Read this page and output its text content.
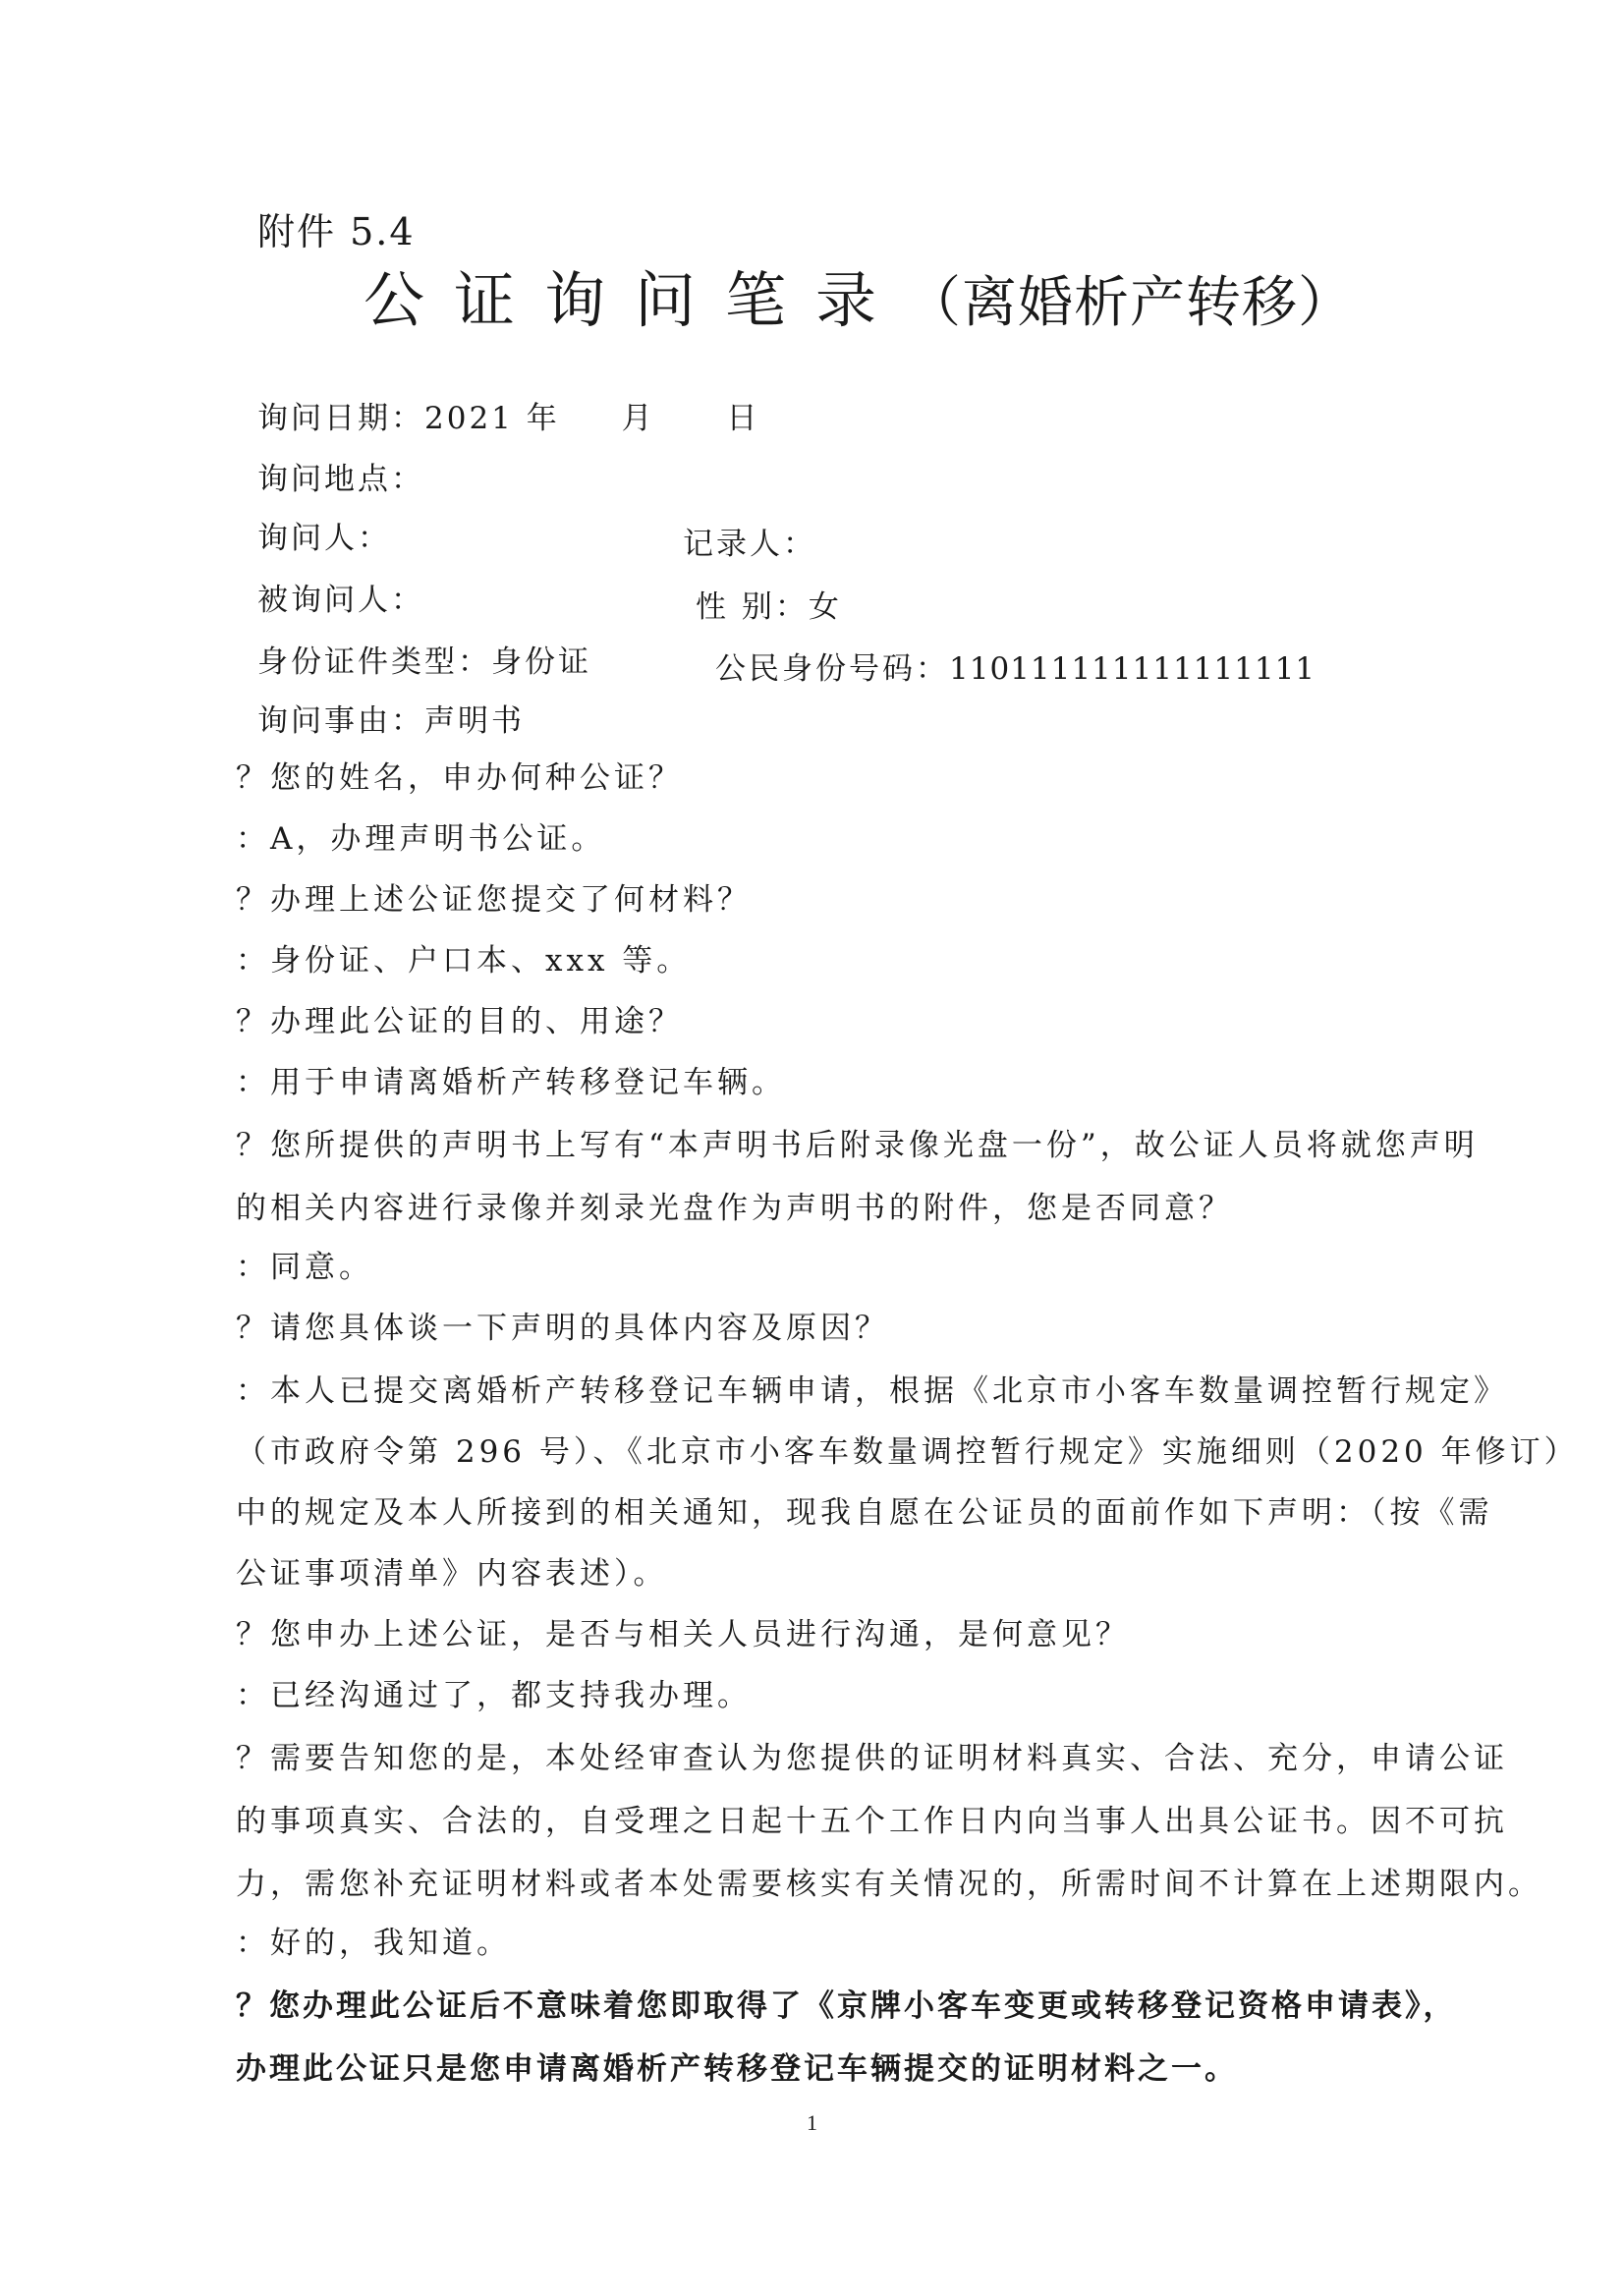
附件 5.4
公证询问笔录（离婚析产转移）
询问日期：2021 年 月 日
询问地点：
询问人：	记录人：
被询问人：	性 别：女
身份证件类型：身份证	公民身份号码：110111111111111111
询问事由：声明书
？您的姓名，申办何种公证？
：A，办理声明书公证。
？办理上述公证您提交了何材料？
：身份证、户口本、xxx 等。
？办理此公证的目的、用途？
：用于申请离婚析产转移登记车辆。
？您所提供的声明书上写有“本声明书后附录像光盘一份”，故公证人员将就您声明
的相关内容进行录像并刻录光盘作为声明书的附件，您是否同意？
：同意。
？请您具体谈一下声明的具体内容及原因？
：本人已提交离婚析产转移登记车辆申请，根据《北京市小客车数量调控暂行规定》
（市政府令第 296 号）、《北京市小客车数量调控暂行规定》实施细则（2020 年修订）
中的规定及本人所接到的相关通知，现我自愿在公证员的面前作如下声明：（按《需
公证事项清单》内容表述）。
？您申办上述公证，是否与相关人员进行沟通，是何意见？
：已经沟通过了，都支持我办理。
？需要告知您的是，本处经审查认为您提供的证明材料真实、合法、充分，申请公证
的事项真实、合法的，自受理之日起十五个工作日内向当事人出具公证书。因不可抗
力，需您补充证明材料或者本处需要核实有关情况的，所需时间不计算在上述期限内。
：好的，我知道。
？您办理此公证后不意味着您即取得了《京牌小客车变更或转移登记资格申请表》，
办理此公证只是您申请离婚析产转移登记车辆提交的证明材料之一。
1
